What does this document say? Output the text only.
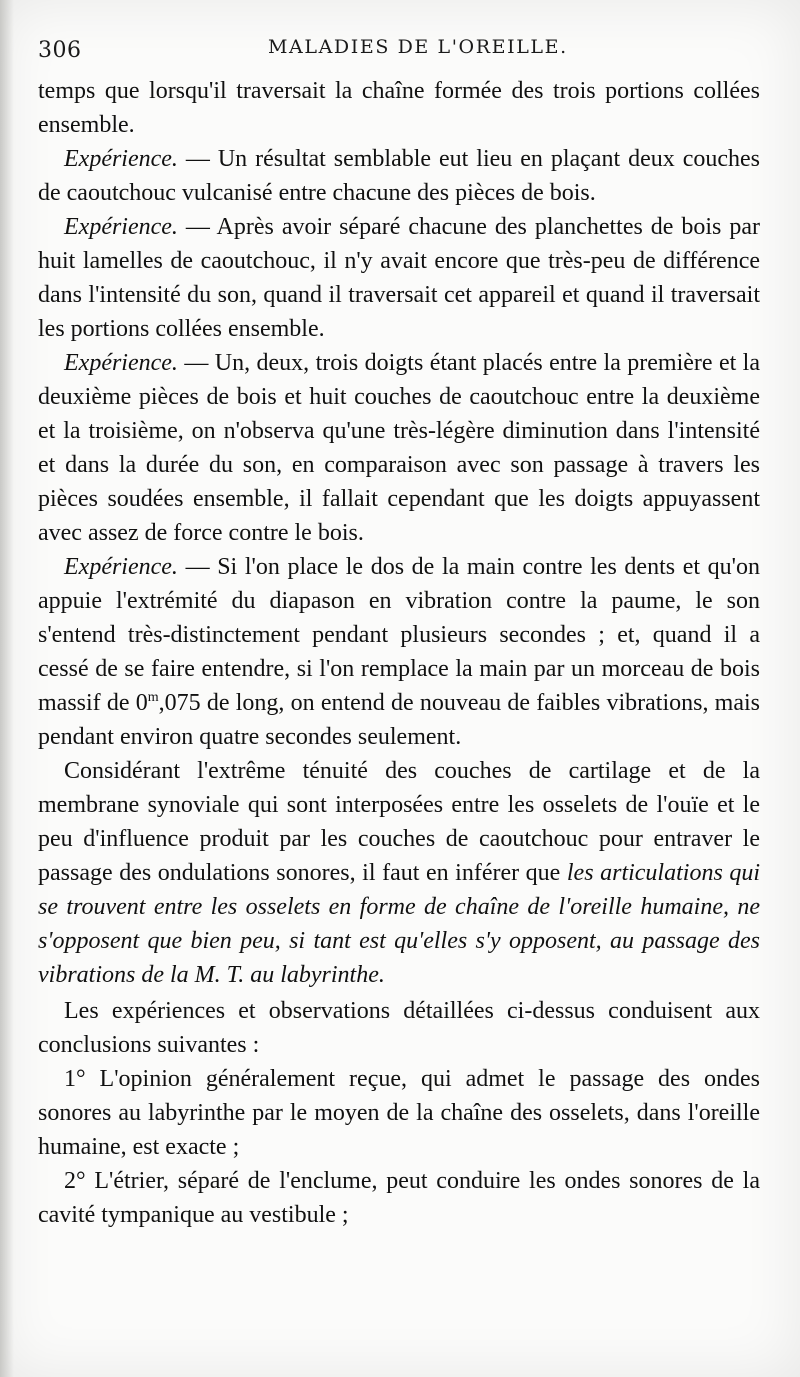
306	MALADIES DE L'OREILLE.

temps que lorsqu'il traversait la chaîne formée des trois portions collées ensemble.

Expérience. — Un résultat semblable eut lieu en plaçant deux couches de caoutchouc vulcanisé entre chacune des pièces de bois.

Expérience. — Après avoir séparé chacune des planchettes de bois par huit lamelles de caoutchouc, il n'y avait encore que très-peu de différence dans l'intensité du son, quand il traversait cet appareil et quand il traversait les portions collées ensemble.

Expérience. — Un, deux, trois doigts étant placés entre la première et la deuxième pièces de bois et huit couches de caoutchouc entre la deuxième et la troisième, on n'observa qu'une très-légère diminution dans l'intensité et dans la durée du son, en comparaison avec son passage à travers les pièces soudées ensemble, il fallait cependant que les doigts appuyassent avec assez de force contre le bois.

Expérience. — Si l'on place le dos de la main contre les dents et qu'on appuie l'extrémité du diapason en vibration contre la paume, le son s'entend très-distinctement pendant plusieurs secondes ; et, quand il a cessé de se faire entendre, si l'on remplace la main par un morceau de bois massif de 0$^m$,075 de long, on entend de nouveau de faibles vibrations, mais pendant environ quatre secondes seulement.

Considérant l'extrême ténuité des couches de cartilage et de la membrane synoviale qui sont interposées entre les osselets de l'ouïe et le peu d'influence produit par les couches de caoutchouc pour entraver le passage des ondulations sonores, il faut en inférer que les articulations qui se trouvent entre les osselets en forme de chaîne de l'oreille humaine, ne s'opposent que bien peu, si tant est qu'elles s'y opposent, au passage des vibrations de la M. T. au labyrinthe.

Les expériences et observations détaillées ci-dessus conduisent aux conclusions suivantes :

1° L'opinion généralement reçue, qui admet le passage des ondes sonores au labyrinthe par le moyen de la chaîne des osselets, dans l'oreille humaine, est exacte ;

2° L'étrier, séparé de l'enclume, peut conduire les ondes sonores de la cavité tympanique au vestibule ;
